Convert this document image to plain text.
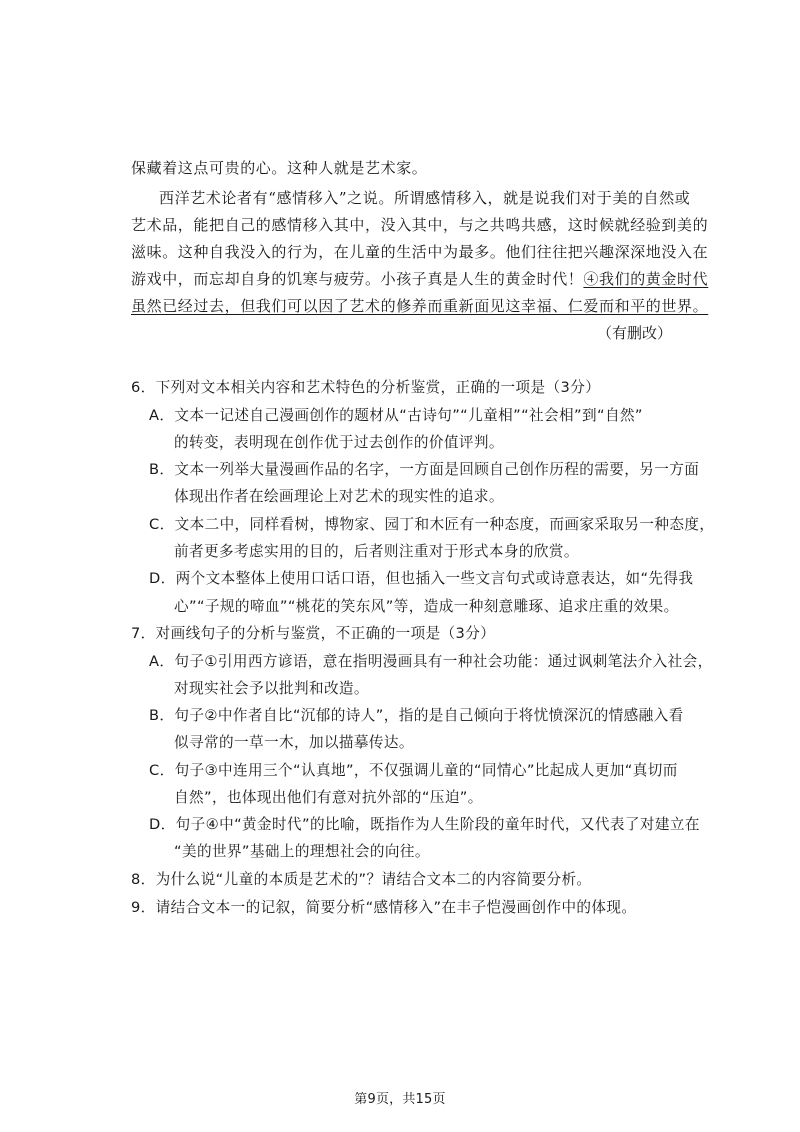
保藏着这点可贵的心。这种人就是艺术家。
西洋艺术论者有“感情移入”之说。所谓感情移入，就是说我们对于美的自然或
艺术品，能把自己的感情移入其中，没入其中，与之共鸣共感，这时候就经验到美的
滋味。这种自我没入的行为，在儿童的生活中为最多。他们往往把兴趣深深地没入在
游戏中，而忘却自身的饥寒与疲劳。小孩子真是人生的黄金时代！④我们的黄金时代
虽然已经过去，但我们可以因了艺术的修养而重新面见这幸福、仁爱而和平的世界。
（有删改）
6．下列对文本相关内容和艺术特色的分析鉴赏，正确的一项是（3分）
A．文本一记述自己漫画创作的题材从“古诗句”“儿童相”“社会相”到“自然”
的转变，表明现在创作优于过去创作的价值评判。
B．文本一列举大量漫画作品的名字，一方面是回顾自己创作历程的需要，另一方面
体现出作者在绘画理论上对艺术的现实性的追求。
C．文本二中，同样看树，博物家、园丁和木匠有一种态度，而画家采取另一种态度，
前者更多考虑实用的目的，后者则注重对于形式本身的欣赏。
D．两个文本整体上使用口话口语，但也插入一些文言句式或诗意表达，如“先得我
心”“子规的啼血”“桃花的笑东风”等，造成一种刻意雕琢、追求庄重的效果。
7．对画线句子的分析与鉴赏，不正确的一项是（3分）
A．句子①引用西方谚语，意在指明漫画具有一种社会功能：通过讽刺笔法介入社会，
对现实社会予以批判和改造。
B．句子②中作者自比“沉郁的诗人”，指的是自己倾向于将忧愤深沉的情感融入看
似寻常的一草一木，加以描摹传达。
C．句子③中连用三个“认真地”，不仅强调儿童的“同情心”比起成人更加“真切而
自然”，也体现出他们有意对抗外部的“压迫”。
D．句子④中“黄金时代”的比喻，既指作为人生阶段的童年时代，又代表了对建立在
“美的世界”基础上的理想社会的向往。
8．为什么说“儿童的本质是艺术的”？请结合文本二的内容简要分析。
9．请结合文本一的记叙，简要分析“感情移入”在丰子恺漫画创作中的体现。
第9页，共15页
